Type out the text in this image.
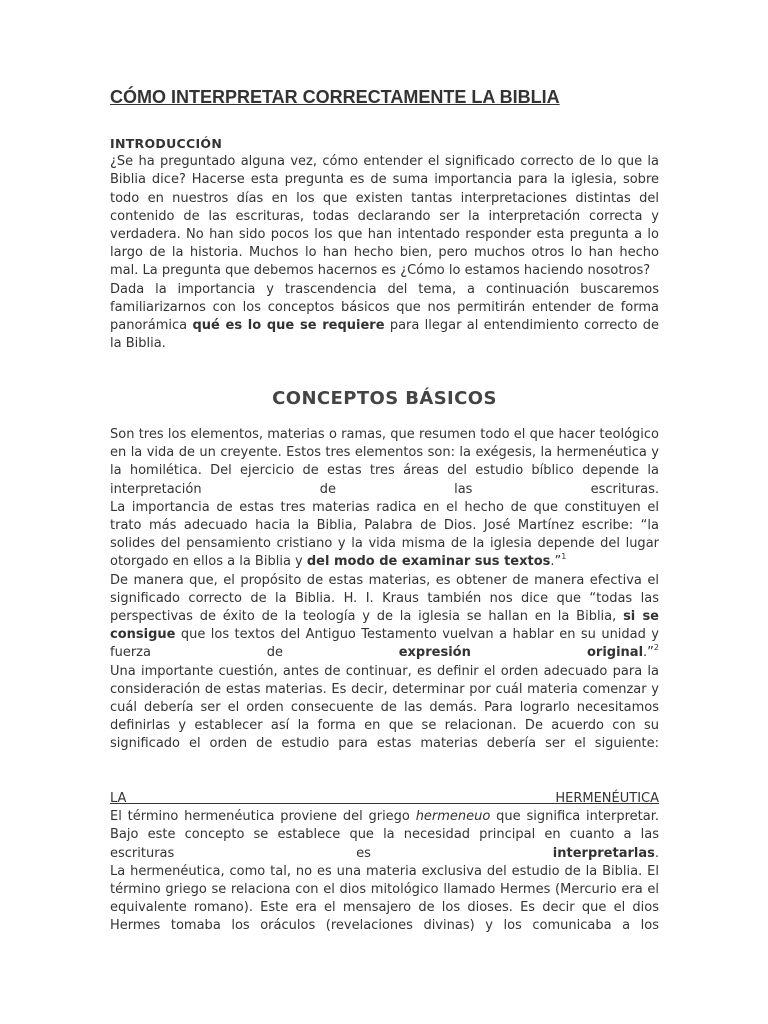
CÓMO INTERPRETAR CORRECTAMENTE LA BIBLIA
INTRODUCCIÓN

¿Se ha preguntado alguna vez, cómo entender el significado correcto de lo que la Biblia dice? Hacerse esta pregunta es de suma importancia para la iglesia, sobre todo en nuestros días en los que existen tantas interpretaciones distintas del contenido de las escrituras, todas declarando ser la interpretación correcta y verdadera. No han sido pocos los que han intentado responder esta pregunta a lo largo de la historia. Muchos lo han hecho bien, pero muchos otros lo han hecho mal. La pregunta que debemos hacernos es ¿Cómo lo estamos haciendo nosotros?

Dada la importancia y trascendencia del tema, a continuación buscaremos familiarizarnos con los conceptos básicos que nos permitirán entender de forma panorámica qué es lo que se requiere para llegar al entendimiento correcto de la Biblia.

CONCEPTOS BÁSICOS

Son tres los elementos, materias o ramas, que resumen todo el que hacer teológico en la vida de un creyente. Estos tres elementos son: la exégesis, la hermenéutica y la homilética. Del ejercicio de estas tres áreas del estudio bíblico depende la interpretación de las escrituras.

La importancia de estas tres materias radica en el hecho de que constituyen el trato más adecuado hacia la Biblia, Palabra de Dios. José Martínez escribe: “la solides del pensamiento cristiano y la vida misma de la iglesia depende del lugar otorgado en ellos a la Biblia y del modo de examinar sus textos.”$^1$

De manera que, el propósito de estas materias, es obtener de manera efectiva el significado correcto de la Biblia. H. I. Kraus también nos dice que “todas las perspectivas de éxito de la teología y de la iglesia se hallan en la Biblia, si se consigue que los textos del Antiguo Testamento vuelvan a hablar en su unidad y fuerza de expresión original.”$^2$

Una importante cuestión, antes de continuar, es definir el orden adecuado para la consideración de estas materias. Es decir, determinar por cuál materia comenzar y cuál debería ser el orden consecuente de las demás. Para lograrlo necesitamos definirlas y establecer así la forma en que se relacionan. De acuerdo con su significado el orden de estudio para estas materias debería ser el siguiente:

LA HERMENÉUTICA

El término hermenéutica proviene del griego hermeneuo que significa interpretar. Bajo este concepto se establece que la necesidad principal en cuanto a las escrituras es interpretarlas.

La hermenéutica, como tal, no es una materia exclusiva del estudio de la Biblia. El término griego se relaciona con el dios mitológico llamado Hermes (Mercurio era el equivalente romano). Este era el mensajero de los dioses. Es decir que el dios Hermes tomaba los oráculos (revelaciones divinas) y los comunicaba a los
